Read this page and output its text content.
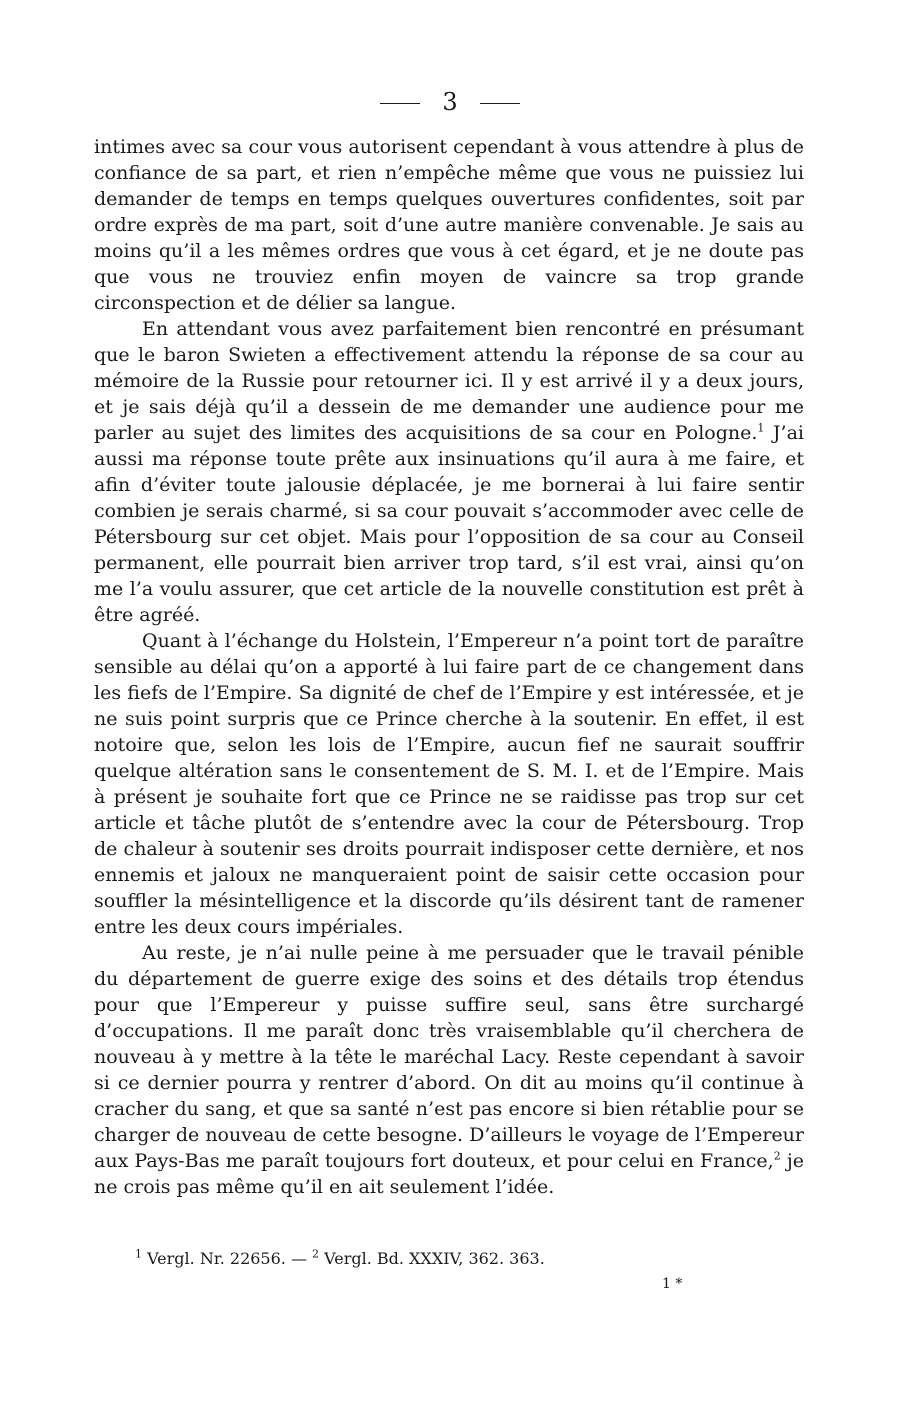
3

intimes avec sa cour vous autorisent cependant à vous attendre à plus de confiance de sa part, et rien n’empêche même que vous ne puissiez lui demander de temps en temps quelques ouvertures confidentes, soit par ordre exprès de ma part, soit d’une autre manière convenable. Je sais au moins qu’il a les mêmes ordres que vous à cet égard, et je ne doute pas que vous ne trouviez enfin moyen de vaincre sa trop grande circonspection et de délier sa langue.

En attendant vous avez parfaitement bien rencontré en présumant que le baron Swieten a effectivement attendu la réponse de sa cour au mémoire de la Russie pour retourner ici. Il y est arrivé il y a deux jours, et je sais déjà qu’il a dessein de me demander une audience pour me parler au sujet des limites des acquisitions de sa cour en Pologne.$^1$ J’ai aussi ma réponse toute prête aux insinuations qu’il aura à me faire, et afin d’éviter toute jalousie déplacée, je me bornerai à lui faire sentir combien je serais charmé, si sa cour pouvait s’accommoder avec celle de Pétersbourg sur cet objet. Mais pour l’opposition de sa cour au Conseil permanent, elle pourrait bien arriver trop tard, s’il est vrai, ainsi qu’on me l’a voulu assurer, que cet article de la nouvelle constitution est prêt à être agréé.

Quant à l’échange du Holstein, l’Empereur n’a point tort de paraître sensible au délai qu’on a apporté à lui faire part de ce changement dans les fiefs de l’Empire. Sa dignité de chef de l’Empire y est intéressée, et je ne suis point surpris que ce Prince cherche à la soutenir. En effet, il est notoire que, selon les lois de l’Empire, aucun fief ne saurait souffrir quelque altération sans le consentement de S. M. I. et de l’Empire. Mais à présent je souhaite fort que ce Prince ne se raidisse pas trop sur cet article et tâche plutôt de s’entendre avec la cour de Pétersbourg. Trop de chaleur à soutenir ses droits pourrait indisposer cette dernière, et nos ennemis et jaloux ne manqueraient point de saisir cette occasion pour souffler la mésintelligence et la discorde qu’ils désirent tant de ramener entre les deux cours impériales.

Au reste, je n’ai nulle peine à me persuader que le travail pénible du département de guerre exige des soins et des détails trop étendus pour que l’Empereur y puisse suffire seul, sans être surchargé d’occupations. Il me paraît donc très vraisemblable qu’il cherchera de nouveau à y mettre à la tête le maréchal Lacy. Reste cependant à savoir si ce dernier pourra y rentrer d’abord. On dit au moins qu’il continue à cracher du sang, et que sa santé n’est pas encore si bien rétablie pour se charger de nouveau de cette besogne. D’ailleurs le voyage de l’Empereur aux Pays-Bas me paraît toujours fort douteux, et pour celui en France,$^2$ je ne crois pas même qu’il en ait seulement l’idée.

$^1$ Vergl. Nr. 22656. — $^2$ Vergl. Bd. XXXIV, 362. 363.
1 *
